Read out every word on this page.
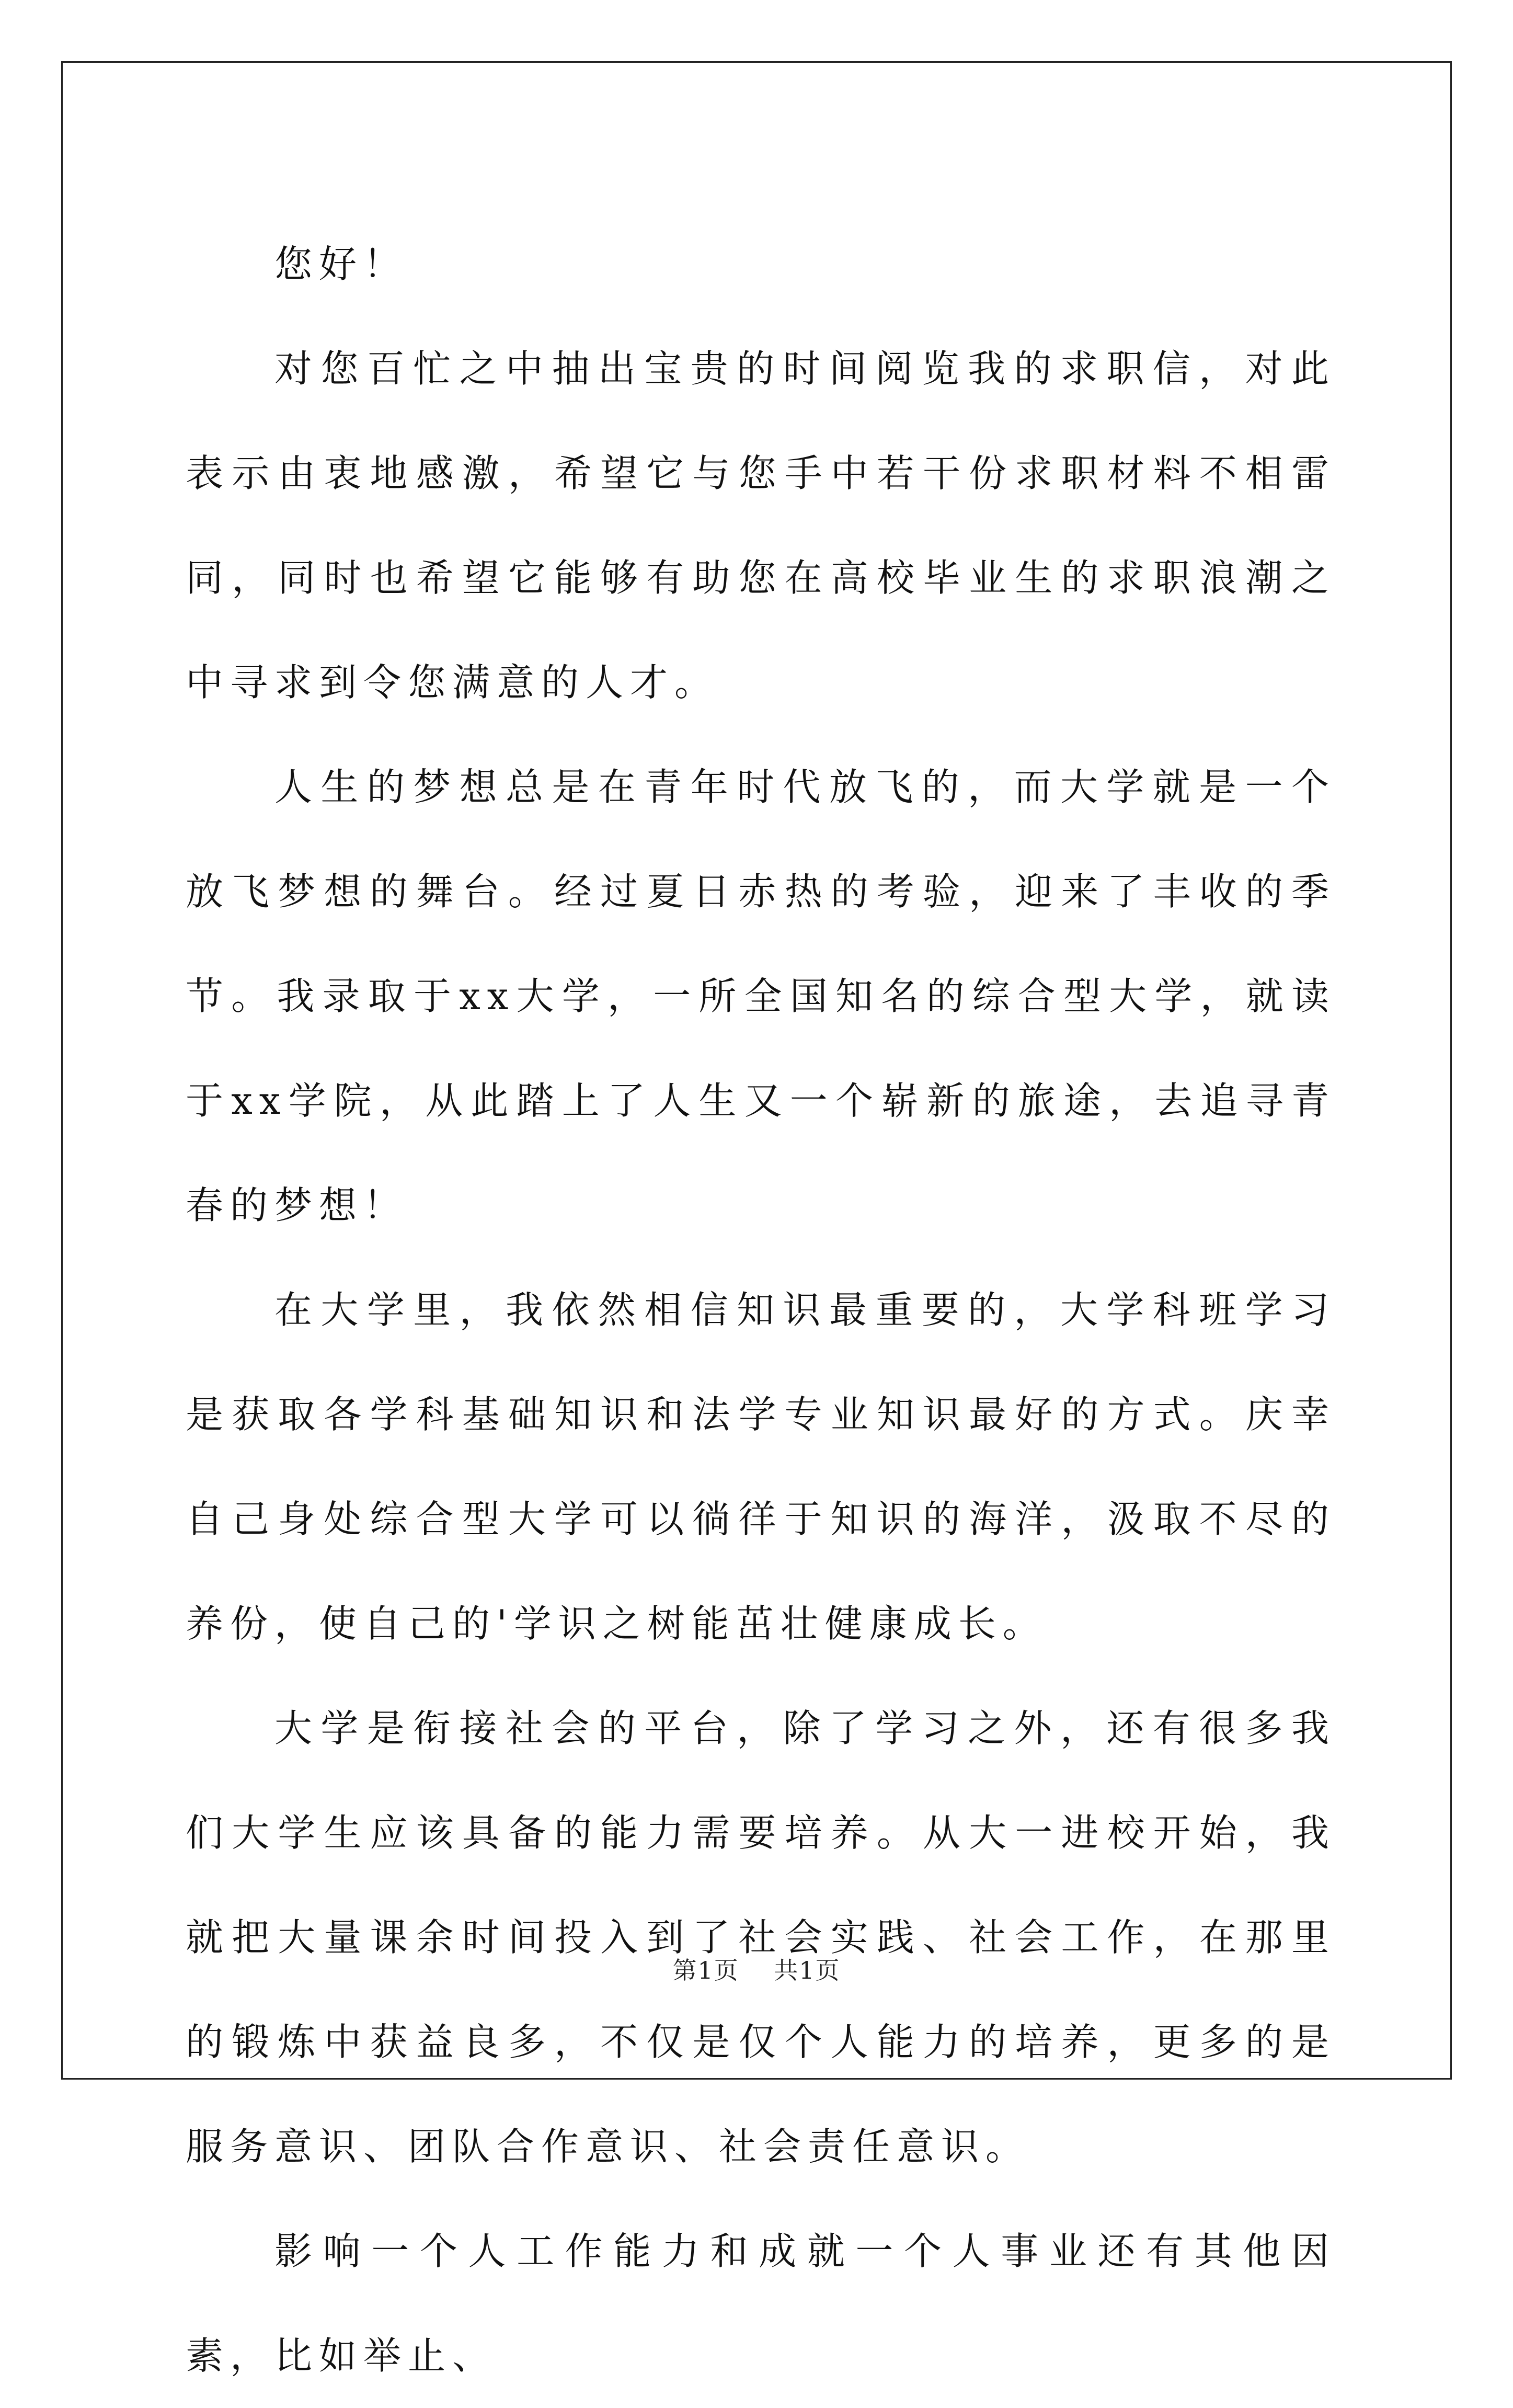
您好！

对您百忙之中抽出宝贵的时间阅览我的求职信，对此表示由衷地感激，希望它与您手中若干份求职材料不相雷同，同时也希望它能够有助您在高校毕业生的求职浪潮之中寻求到令您满意的人才。

人生的梦想总是在青年时代放飞的，而大学就是一个放飞梦想的舞台。经过夏日赤热的考验，迎来了丰收的季节。我录取于xx大学，一所全国知名的综合型大学，就读于xx学院，从此踏上了人生又一个崭新的旅途，去追寻青春的梦想！

在大学里，我依然相信知识最重要的，大学科班学习是获取各学科基础知识和法学专业知识最好的方式。庆幸自己身处综合型大学可以徜徉于知识的海洋，汲取不尽的养份，使自己的'学识之树能茁壮健康成长。

大学是衔接社会的平台，除了学习之外，还有很多我们大学生应该具备的能力需要培养。从大一进校开始，我就把大量课余时间投入到了社会实践、社会工作，在那里的锻炼中获益良多，不仅是仅个人能力的培养，更多的是服务意识、团队合作意识、社会责任意识。

影响一个人工作能力和成就一个人事业还有其他因素，比如举止、

第1页 共1页
